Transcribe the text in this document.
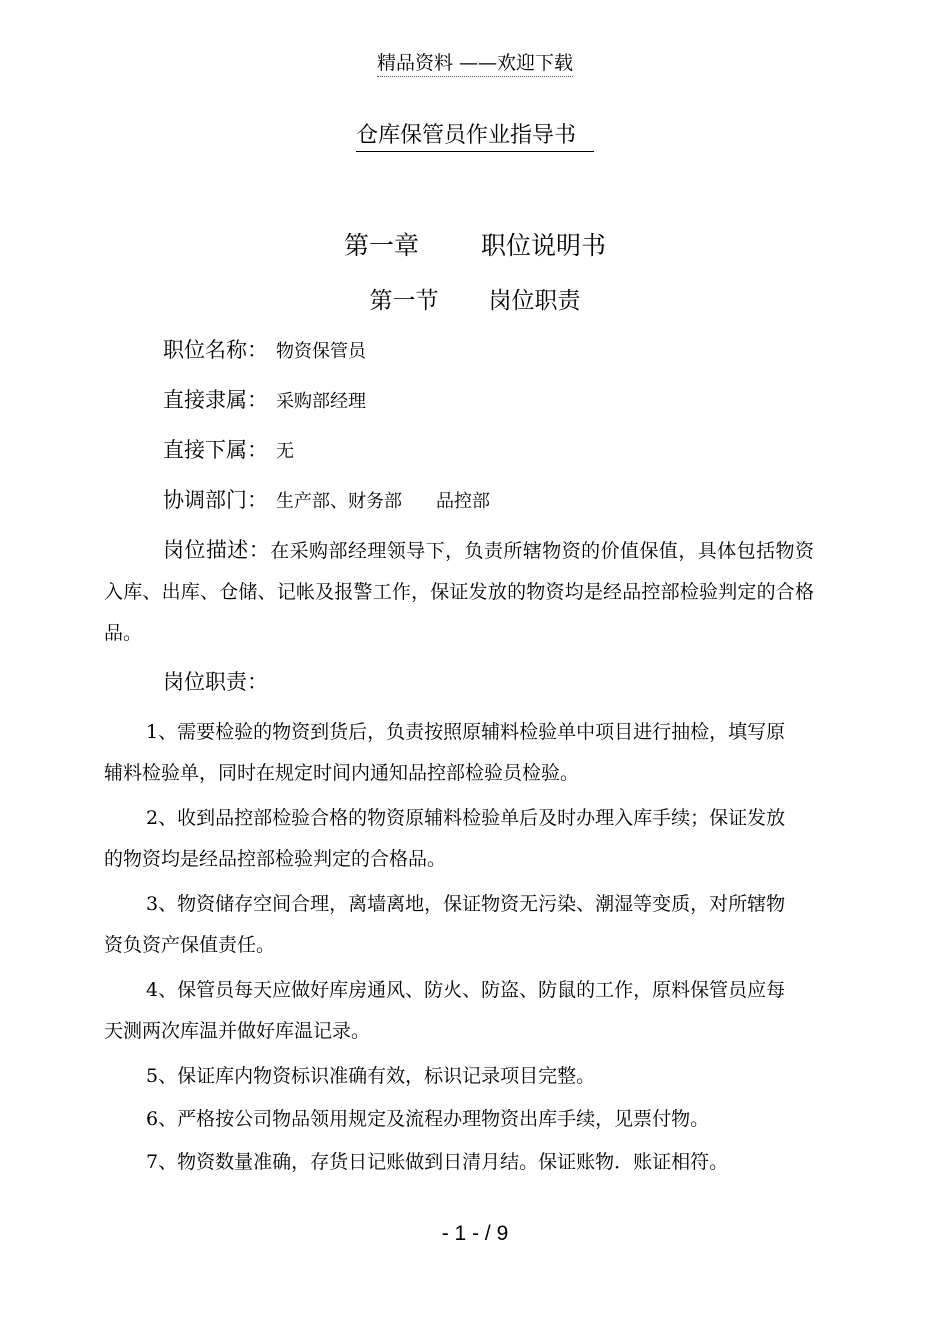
精品资料 ——欢迎下载
仓库保管员作业指导书
第一章 职位说明书
第一节 岗位职责
职位名称： 物资保管员
直接隶属： 采购部经理
直接下属： 无
协调部门： 生产部、财务部 品控部
岗位描述：在采购部经理领导下，负责所辖物资的价值保值，具体包括物资入库、出库、仓储、记帐及报警工作，保证发放的物资均是经品控部检验判定的合格品。
岗位职责：
1、需要检验的物资到货后，负责按照原辅料检验单中项目进行抽检，填写原辅料检验单，同时在规定时间内通知品控部检验员检验。
2、收到品控部检验合格的物资原辅料检验单后及时办理入库手续；保证发放的物资均是经品控部检验判定的合格品。
3、物资储存空间合理，离墙离地，保证物资无污染、潮湿等变质，对所辖物资负资产保值责任。
4、保管员每天应做好库房通风、防火、防盗、防鼠的工作，原料保管员应每天测两次库温并做好库温记录。
5、保证库内物资标识准确有效，标识记录项目完整。
6、严格按公司物品领用规定及流程办理物资出库手续，见票付物。
7、物资数量准确，存货日记账做到日清月结。保证账物．账证相符。
- 1 - / 9
